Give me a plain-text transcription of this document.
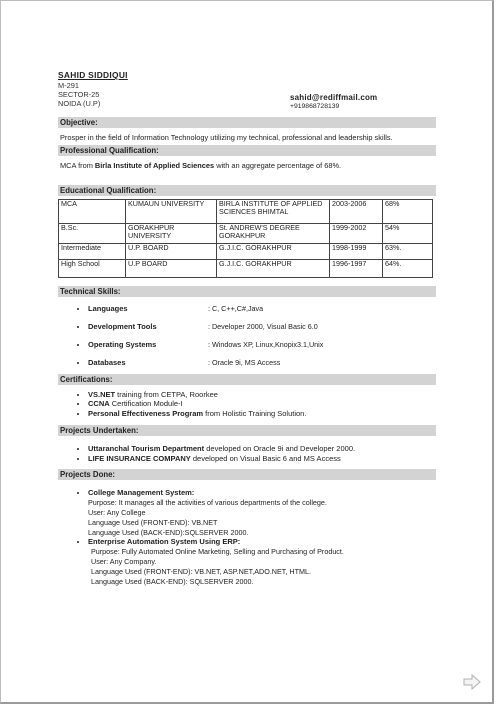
SAHID SIDDIQUI
M-291
SECTOR-25
NOIDA (U.P)
sahid@rediffmail.com
+919868728139
Objective:
Prosper in the field of Information Technology utilizing my technical, professional and leadership skills.
Professional Qualification:
MCA from Birla Institute of Applied Sciences with an aggregate percentage of 68%.
Educational Qualification:
MCA	KUMAUN UNIVERSITY	BIRLA INSTITUTE OF APPLIED SCIENCES BHIMTAL	2003-2006	68%
B.Sc.	GORAKHPUR UNIVERSITY	St. ANDREW'S DEGREE GORAKHPUR	1999-2002	54%
Intermediate	U.P. BOARD	G.J.I.C. GORAKHPUR	1998-1999	63%.
High School	U.P BOARD	G.J.I.C. GORAKHPUR	1996-1997	64%.
Technical Skills:
• Languages	: C, C++,C#,Java
• Development Tools	: Developer 2000, Visual Basic 6.0
• Operating Systems	: Windows XP, Linux,Knopix3.1,Unix
• Databases	: Oracle 9i, MS Access
Certifications:
• VS.NET training from CETPA, Roorkee
• CCNA Certification Module-I
• Personal Effectiveness Program from Holistic Training Solution.
Projects Undertaken:
• Uttaranchal Tourism Department developed on Oracle 9i and Developer 2000.
• LIFE INSURANCE COMPANY developed on Visual Basic 6 and MS Access
Projects Done:
• College Management System:
Purpose: It manages all the activities of various departments of the college.
User: Any College
Language Used (FRONT-END): VB.NET
Language Used (BACK-END):SQLSERVER 2000.
• Enterprise Automation System Using ERP:
Purpose: Fully Automated Online Marketing, Selling and Purchasing of Product.
User: Any Company.
Language Used (FRONT-END): VB.NET, ASP.NET,ADO.NET, HTML.
Language Used (BACK-END): SQLSERVER 2000.
